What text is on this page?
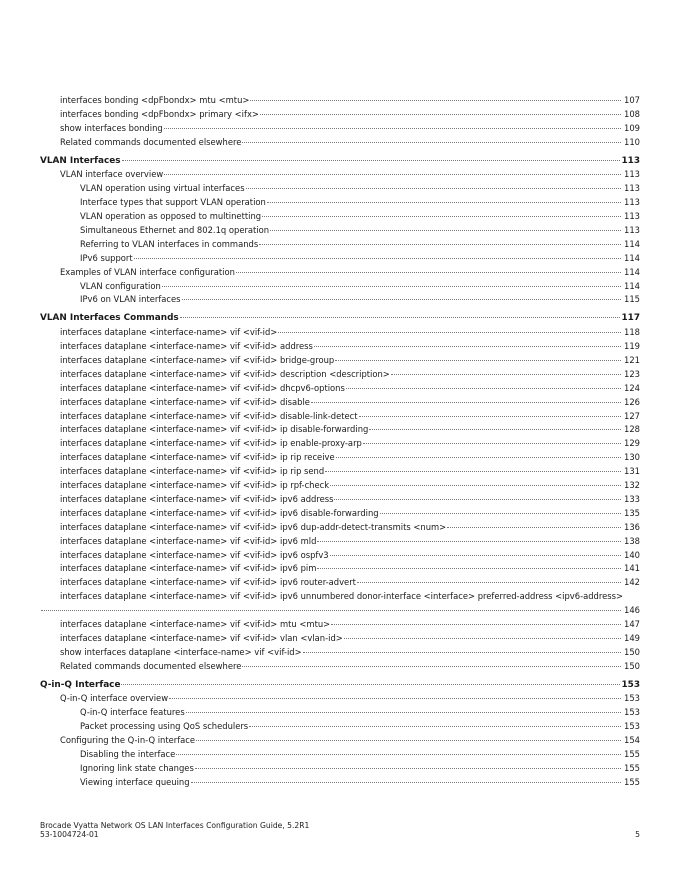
interfaces bonding <dpFbondx> mtu <mtu>	107
interfaces bonding <dpFbondx> primary <ifx>	108
show interfaces bonding	109
Related commands documented elsewhere	110
VLAN Interfaces	113
VLAN interface overview	113
VLAN operation using virtual interfaces	113
Interface types that support VLAN operation	113
VLAN operation as opposed to multinetting	113
Simultaneous Ethernet and 802.1q operation	113
Referring to VLAN interfaces in commands	114
IPv6 support	114
Examples of VLAN interface configuration	114
VLAN configuration	114
IPv6 on VLAN interfaces	115
VLAN Interfaces Commands	117
interfaces dataplane <interface-name> vif <vif-id>	118
interfaces dataplane <interface-name> vif <vif-id> address	119
interfaces dataplane <interface-name> vif <vif-id> bridge-group	121
interfaces dataplane <interface-name> vif <vif-id> description <description>	123
interfaces dataplane <interface-name> vif <vif-id> dhcpv6-options	124
interfaces dataplane <interface-name> vif <vif-id> disable	126
interfaces dataplane <interface-name> vif <vif-id> disable-link-detect	127
interfaces dataplane <interface-name> vif <vif-id> ip disable-forwarding	128
interfaces dataplane <interface-name> vif <vif-id> ip enable-proxy-arp	129
interfaces dataplane <interface-name> vif <vif-id> ip rip receive	130
interfaces dataplane <interface-name> vif <vif-id> ip rip send	131
interfaces dataplane <interface-name> vif <vif-id> ip rpf-check	132
interfaces dataplane <interface-name> vif <vif-id> ipv6 address	133
interfaces dataplane <interface-name> vif <vif-id> ipv6 disable-forwarding	135
interfaces dataplane <interface-name> vif <vif-id> ipv6 dup-addr-detect-transmits <num>	136
interfaces dataplane <interface-name> vif <vif-id> ipv6 mld	138
interfaces dataplane <interface-name> vif <vif-id> ipv6 ospfv3	140
interfaces dataplane <interface-name> vif <vif-id> ipv6 pim	141
interfaces dataplane <interface-name> vif <vif-id> ipv6 router-advert	142
interfaces dataplane <interface-name> vif <vif-id> ipv6 unnumbered donor-interface <interface> preferred-address <ipv6-address>
146
interfaces dataplane <interface-name> vif <vif-id> mtu <mtu>	147
interfaces dataplane <interface-name> vif <vif-id> vlan <vlan-id>	149
show interfaces dataplane <interface-name> vif <vif-id>	150
Related commands documented elsewhere	150
Q-in-Q Interface	153
Q-in-Q interface overview	153
Q-in-Q interface features	153
Packet processing using QoS schedulers	153
Configuring the Q-in-Q interface	154
Disabling the interface	155
Ignoring link state changes	155
Viewing interface queuing	155
Brocade Vyatta Network OS LAN Interfaces Configuration Guide, 5.2R1
53-1004724-01	5
